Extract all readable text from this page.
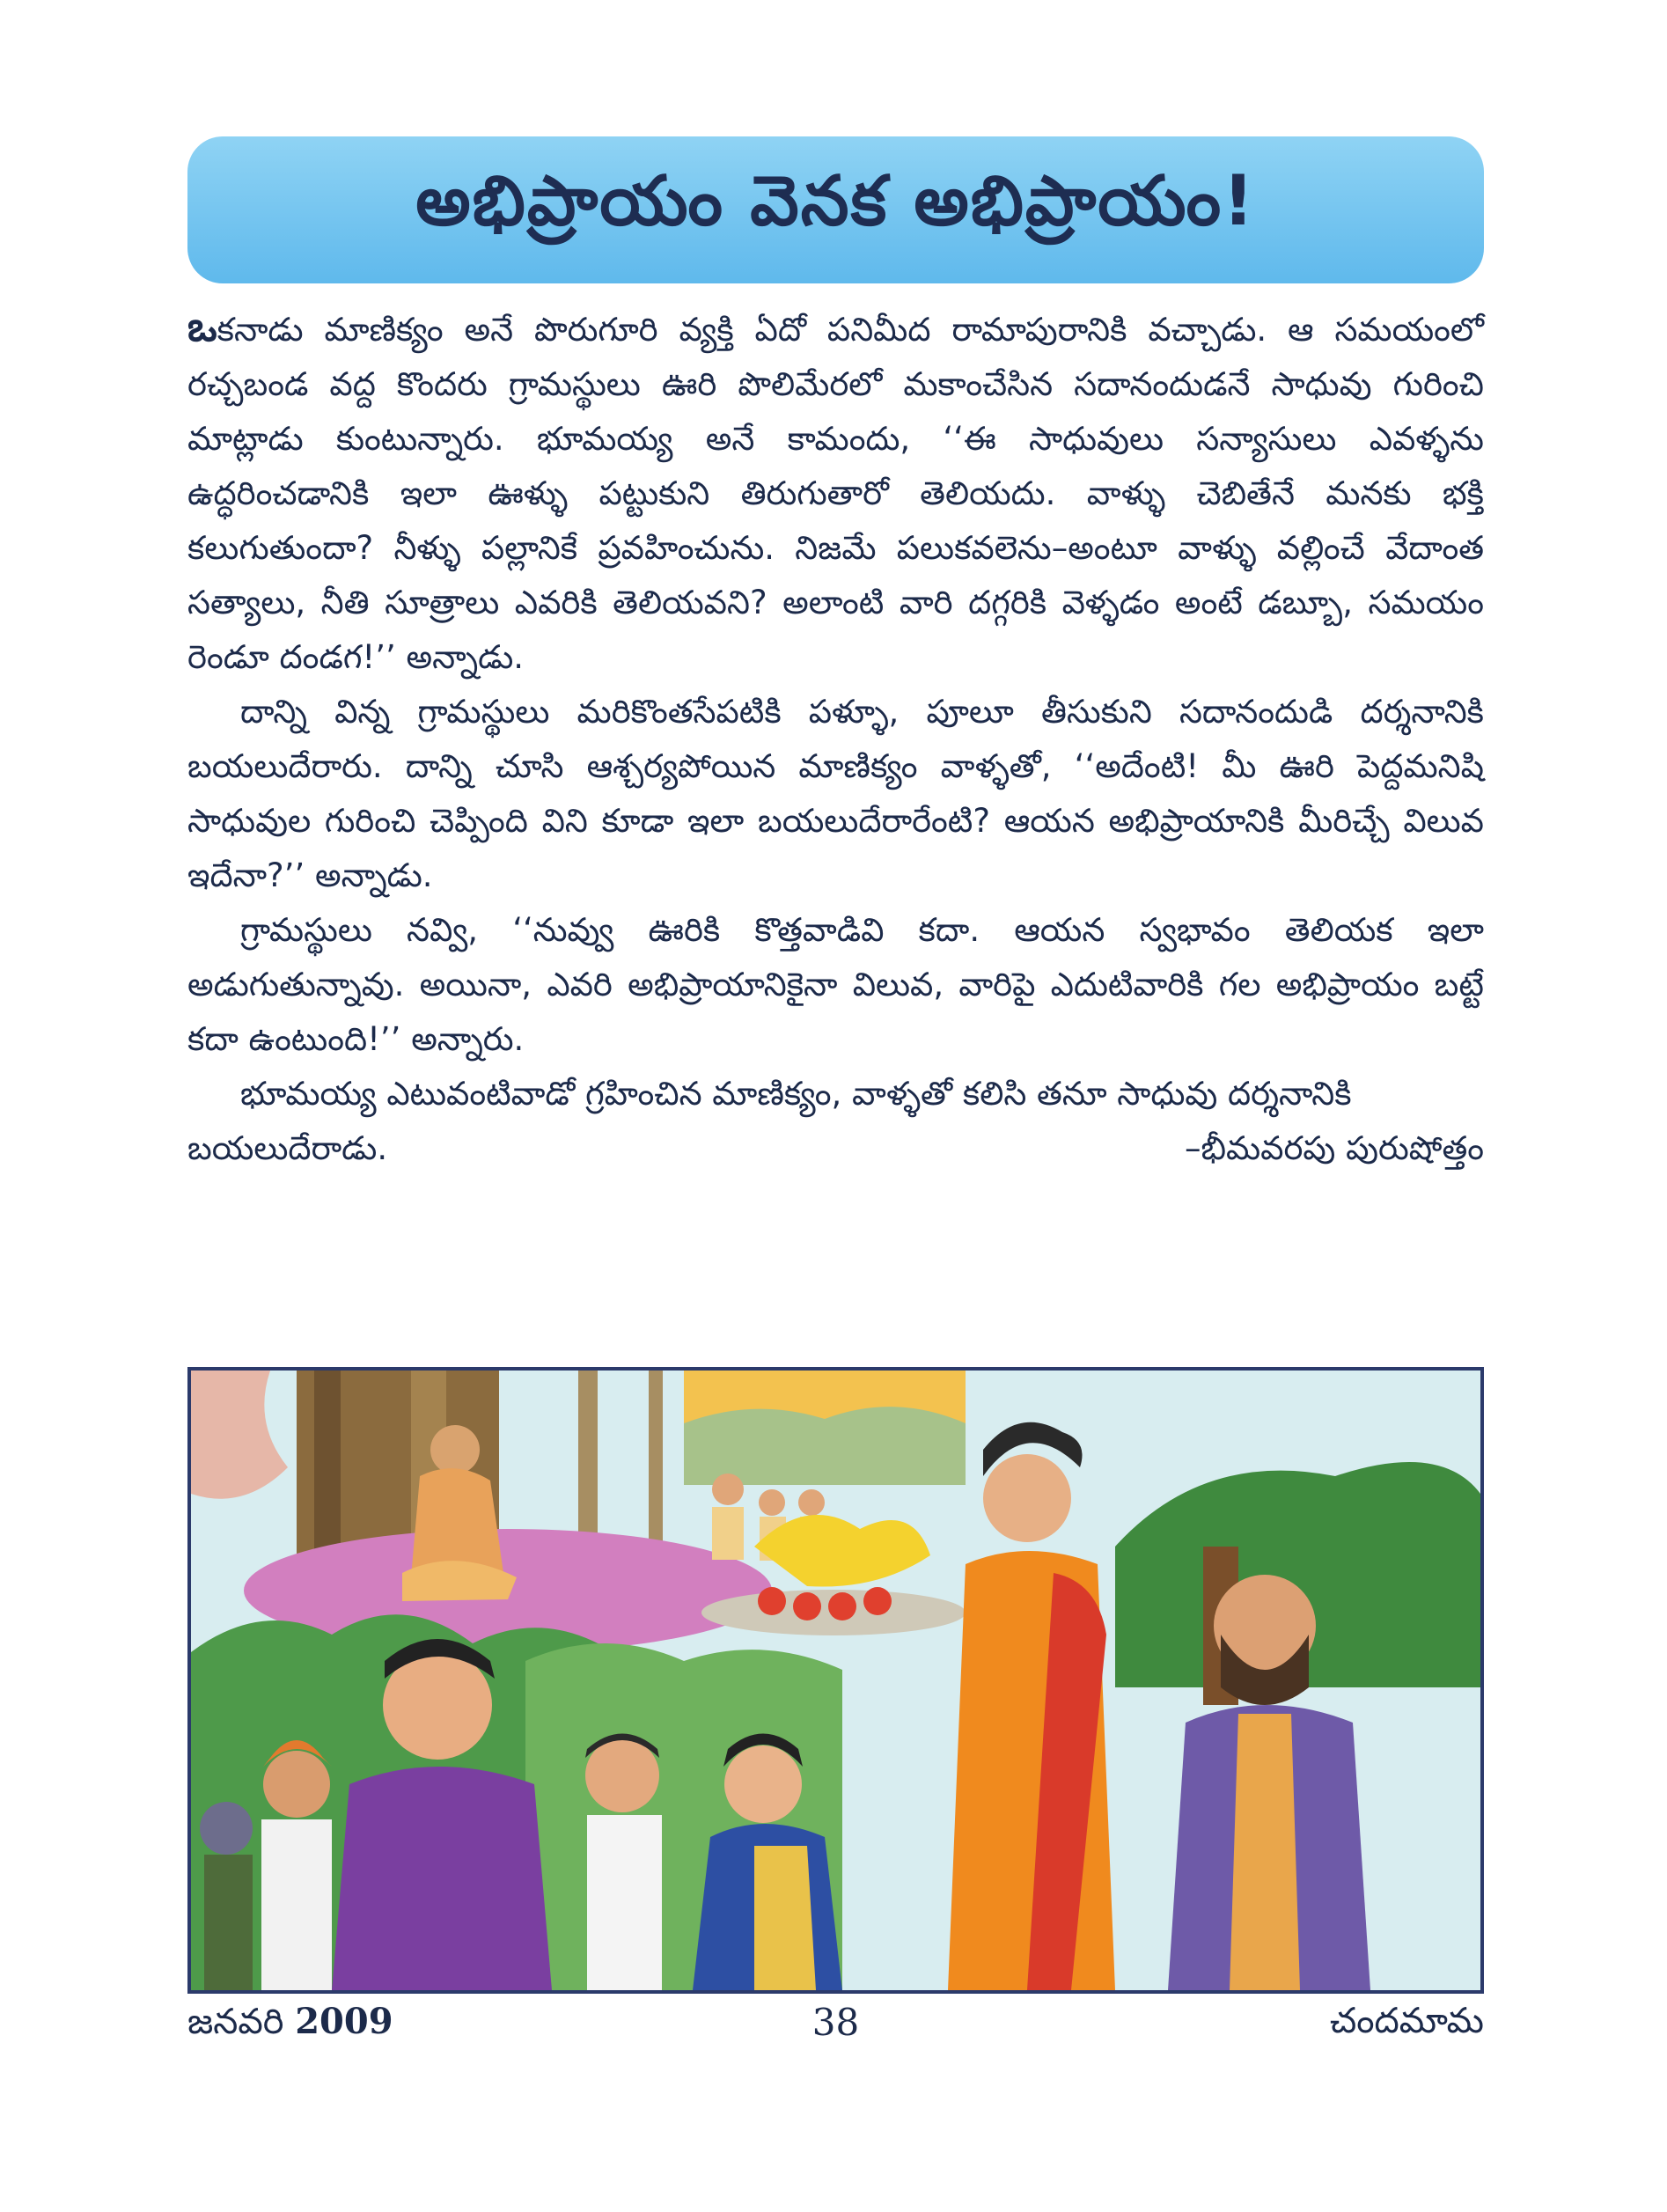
అభిప్రాయం వెనక అభిప్రాయం!

ఒకనాడు మాణిక్యం అనే పొరుగూరి వ్యక్తి ఏదో పనిమీద రామాపురానికి వచ్చాడు. ఆ సమయంలో రచ్చబండ వద్ద కొందరు గ్రామస్థులు ఊరి పొలిమేరలో మకాంచేసిన సదానందుడనే సాధువు గురించి మాట్లాడు కుంటున్నారు. భూమయ్య అనే కామందు, ‘‘ఈ సాధువులు సన్యాసులు ఎవళ్ళను ఉద్ధరించడానికి ఇలా ఊళ్ళు పట్టుకుని తిరుగుతారో తెలియదు. వాళ్ళు చెబితేనే మనకు భక్తి కలుగుతుందా? నీళ్ళు పల్లానికే ప్రవహించును. నిజమే పలుకవలెను–అంటూ వాళ్ళు వల్లించే వేదాంత సత్యాలు, నీతి సూత్రాలు ఎవరికి తెలియవని? అలాంటి వారి దగ్గరికి వెళ్ళడం అంటే డబ్బూ, సమయం రెండూ దండగ!’’ అన్నాడు.

దాన్ని విన్న గ్రామస్థులు మరికొంతసేపటికి పళ్ళూ, పూలూ తీసుకుని సదానందుడి దర్శనానికి బయలుదేరారు. దాన్ని చూసి ఆశ్చర్యపోయిన మాణిక్యం వాళ్ళతో, ‘‘అదేంటి! మీ ఊరి పెద్దమనిషి సాధువుల గురించి చెప్పింది విని కూడా ఇలా బయలుదేరారేంటి? ఆయన అభిప్రాయానికి మీరిచ్చే విలువ ఇదేనా?’’ అన్నాడు.

గ్రామస్థులు నవ్వి, ‘‘నువ్వు ఊరికి కొత్తవాడివి కదా. ఆయన స్వభావం తెలియక ఇలా అడుగుతున్నావు. అయినా, ఎవరి అభిప్రాయానికైనా విలువ, వారిపై ఎదుటివారికి గల అభిప్రాయం బట్టే కదా ఉంటుంది!’’ అన్నారు.

భూమయ్య ఎటువంటివాడో గ్రహించిన మాణిక్యం, వాళ్ళతో కలిసి తనూ సాధువు దర్శనానికి

బయలుదేరాడు.	–భీమవరపు పురుషోత్తం
జనవరి 2009	38	చందమామ
